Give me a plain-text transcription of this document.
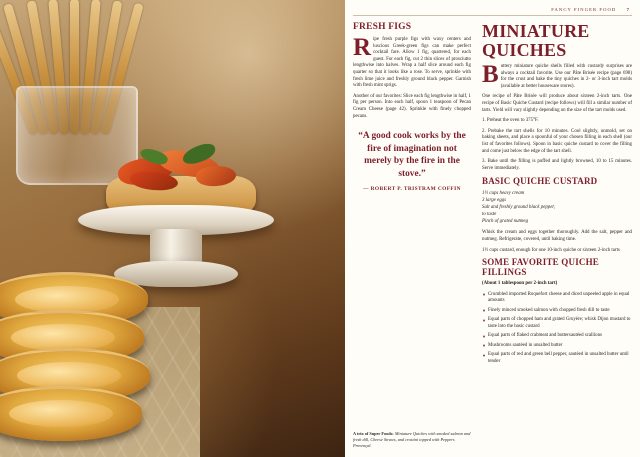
FANCY FINGER FOOD 7
FRESH FIGS

Ripe fresh purple figs with waxy centers and luscious Greek-green figs can make perfect cocktail fare. Allow 1 fig, quartered, for each guest. For each fig, cut 2 thin slices of prosciutto lengthwise into halves. Wrap a half slice around each fig quarter so that it looks like a rose. To serve, sprinkle with fresh lime juice and freshly ground black pepper. Garnish with fresh mint sprigs.

Another of our favorites: Slice each fig lengthwise in half, 1 fig per person. Into each half, spoon 1 teaspoon of Pecan Cream Cheese (page 42). Sprinkle with finely chopped pecans.

“A good cook works by the fire of imagination not merely by the fire in the stove.”
— ROBERT P. TRISTRAM COFFIN
MINIATURE QUICHES

Buttery miniature quiche shells filled with custardy surprises are always a cocktail favorite. Use our Pâte Brisée recipe (page 698) for the crust and bake the tiny quiches in 2- or 3-inch tart molds (available at better houseware stores).

One recipe of Pâte Brisée will produce about sixteen 2-inch tarts. One recipe of Basic Quiche Custard (recipe follows) will fill a similar number of tarts. Yield will vary slightly depending on the size of the tart molds used.

1. Preheat the oven to 375°F.

2. Prebake the tart shells for 10 minutes. Cool slightly, unmold, set on baking sheets, and place a spoonful of your chosen filling in each shell (our list of favorites follows). Spoon in basic quiche custard to cover the filling and come just below the edge of the tart shell.

3. Bake until the filling is puffed and lightly browned, 10 to 15 minutes. Serve immediately.

BASIC QUICHE CUSTARD
1½ cups heavy cream
3 large eggs
Salt and freshly ground black pepper,
to taste
Pinch of grated nutmeg

Whisk the cream and eggs together thoroughly. Add the salt, pepper and nutmeg. Refrigerate, covered, until baking time.

1½ cups custard, enough for one 10-inch quiche or sixteen 2-inch tarts

SOME FAVORITE QUICHE FILLINGS

(About 1 tablespoon per 2-inch tart)

▼ Crumbled imported Roquefort cheese and diced unpeeled apple in equal amounts
▼ Finely minced smoked salmon with chopped fresh dill to taste
▼ Equal parts of chopped ham and grated Gruyère; whisk Dijon mustard to taste into the basic custard
▼ Equal parts of flaked crabmeat and buttersautéed scallions
▼ Mushrooms sautéed in unsalted butter
▼ Equal parts of red and green bell pepper, sautéed in unsalted butter until tender
A trio of Super Foods: Miniature Quiches with smoked salmon and fresh dill, Cheese Straws, and crostini topped with Peppers Provençal.
